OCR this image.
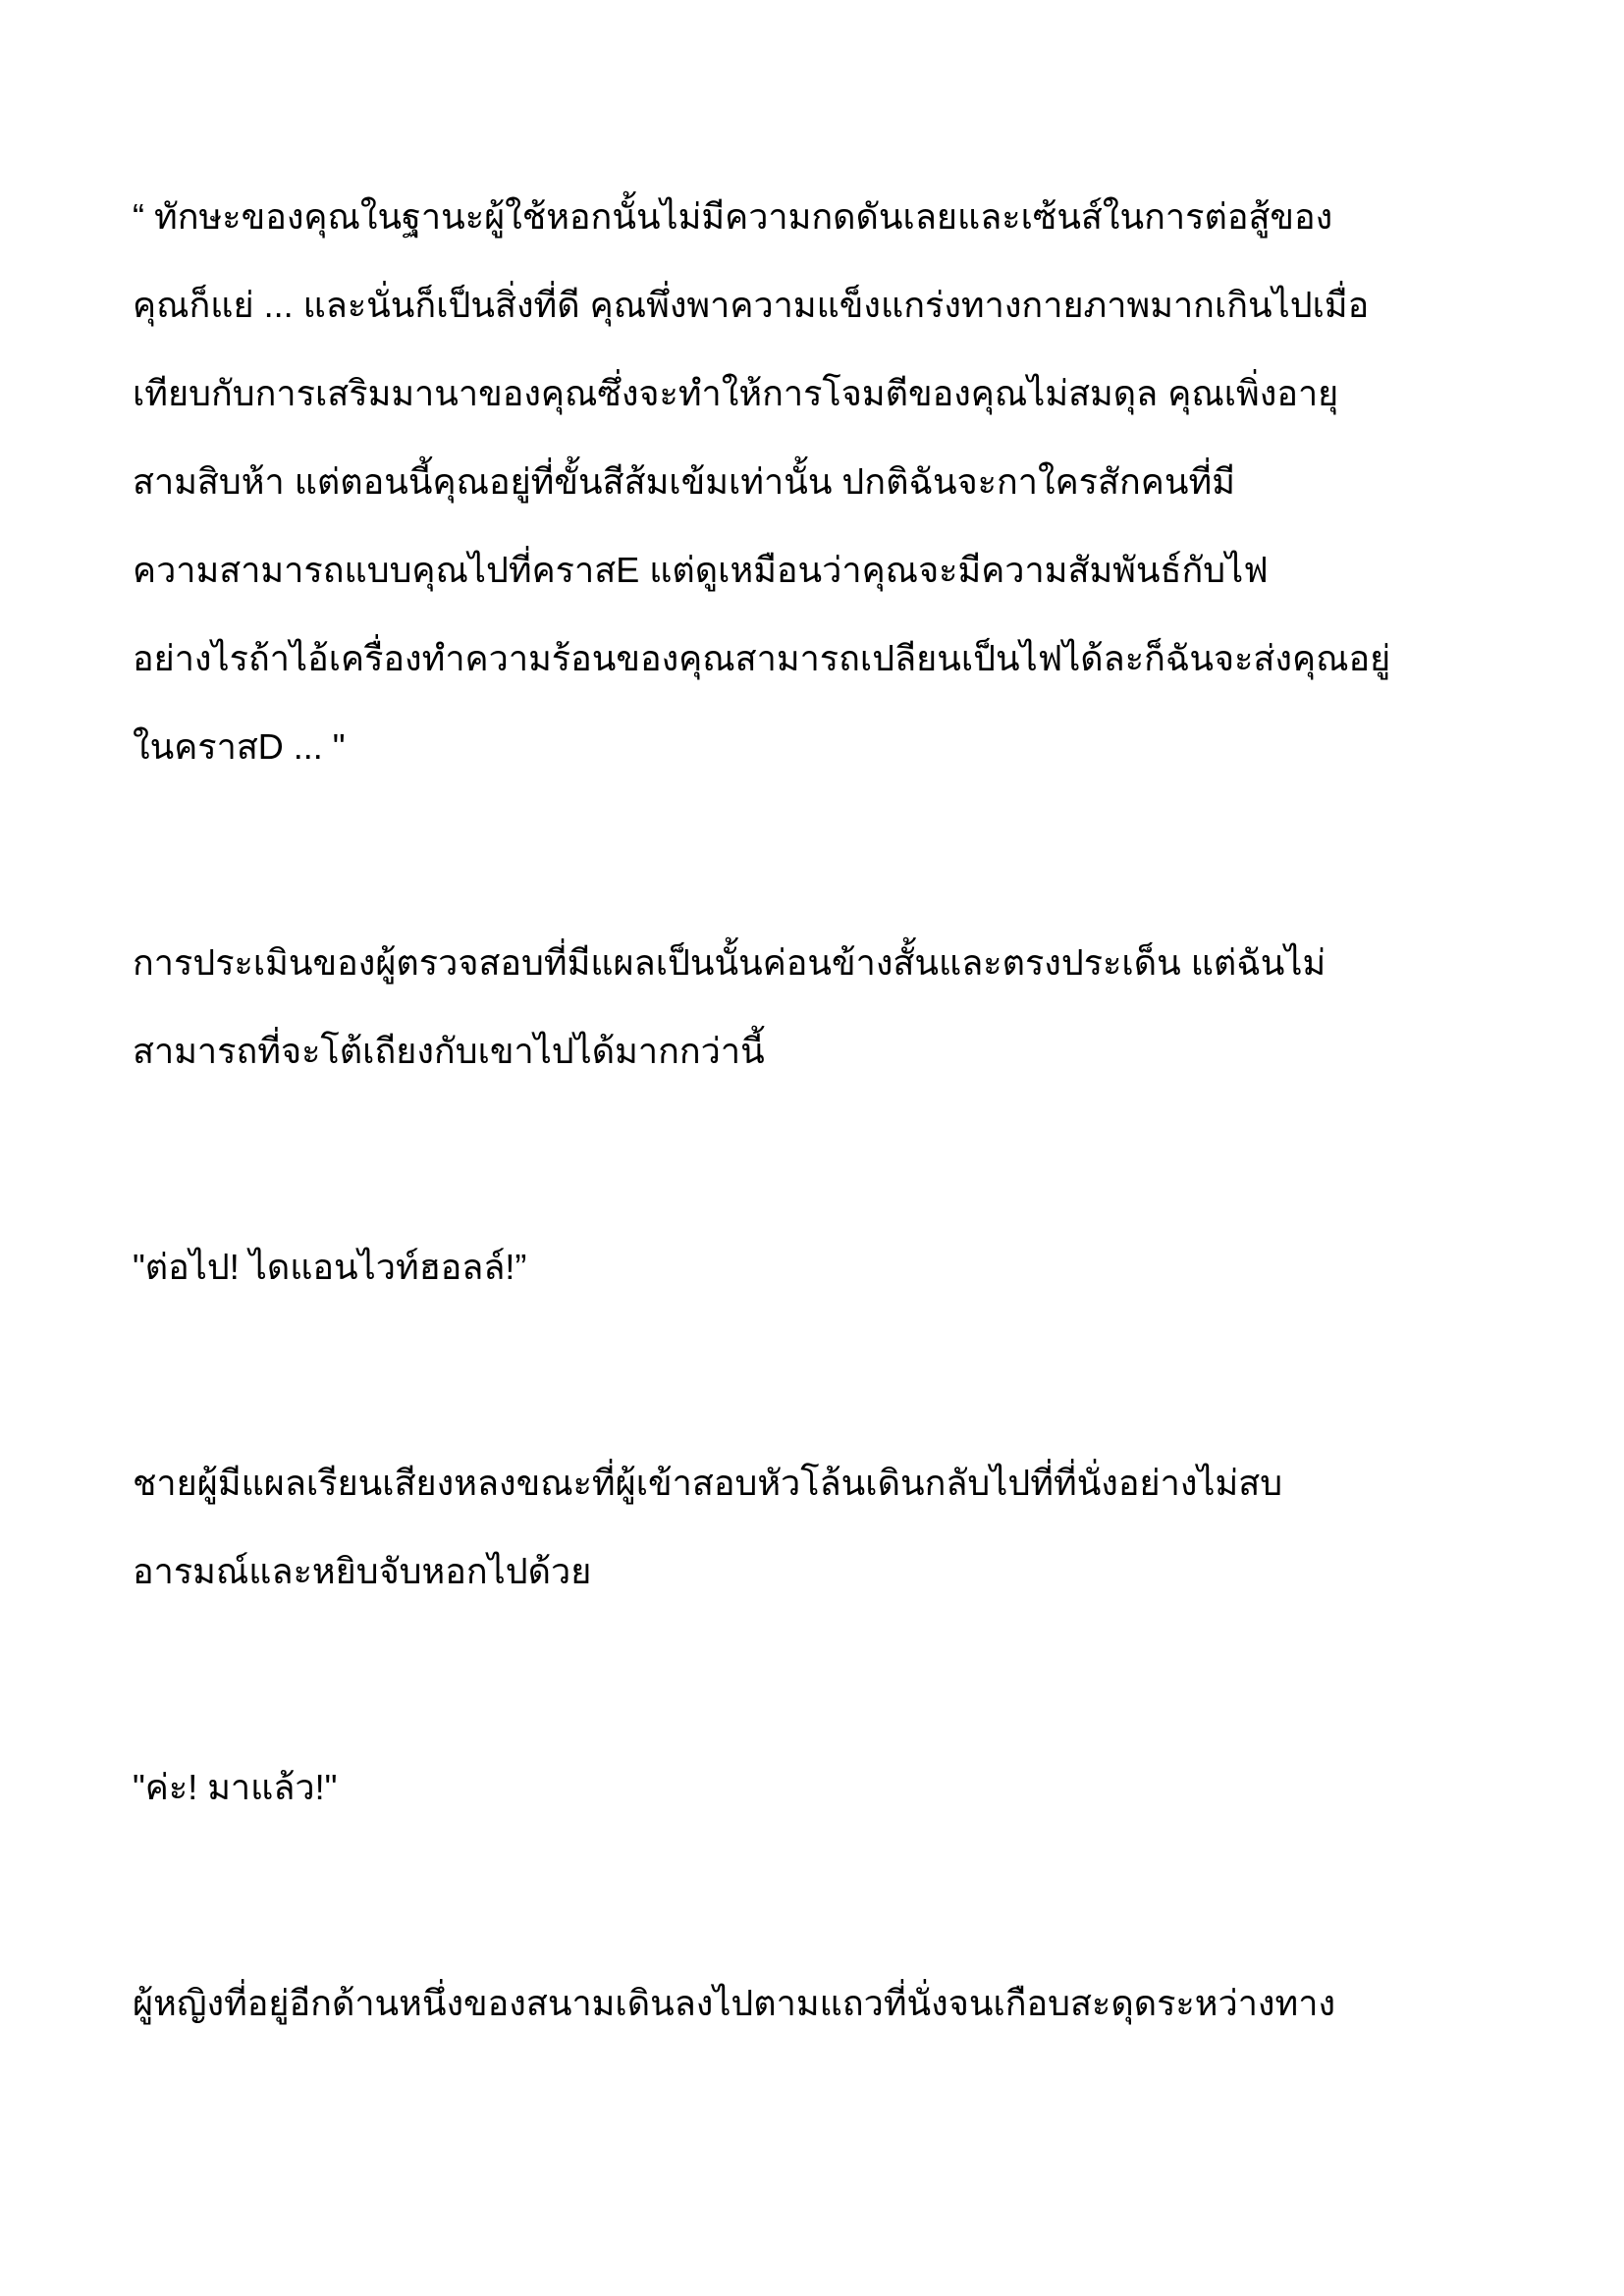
“ ทักษะของคุณในฐานะผู้ใช้หอกนั้นไม่มีความกดดันเลยและเซ้นส์ในการต่อสู้ของ
คุณก็แย่ ... และนั่นก็เป็นสิ่งที่ดี คุณพึ่งพาความแข็งแกร่งทางกายภาพมากเกินไปเมื่อ
เทียบกับการเสริมมานาของคุณซึ่งจะทำให้การโจมตีของคุณไม่สมดุล คุณเพิ่งอายุ
สามสิบห้า แต่ตอนนี้คุณอยู่ที่ขั้นสีส้มเข้มเท่านั้น ปกติฉันจะกาใครสักคนที่มี
ความสามารถแบบคุณไปที่คราสE แต่ดูเหมือนว่าคุณจะมีความสัมพันธ์กับไฟ
อย่างไรถ้าไอ้เครื่องทำความร้อนของคุณสามารถเปลียนเป็นไฟได้ละก็ฉันจะส่งคุณอยู่
ในคราสD ... "

การประเมินของผู้ตรวจสอบที่มีแผลเป็นนั้นค่อนข้างสั้นและตรงประเด็น แต่ฉันไม่
สามารถที่จะโต้เถียงกับเขาไปได้มากกว่านี้

"ต่อไป! ไดแอนไวท์ฮอลล์!”

ชายผู้มีแผลเรียนเสียงหลงขณะที่ผู้เข้าสอบหัวโล้นเดินกลับไปที่ที่นั่งอย่างไม่สบ
อารมณ์และหยิบจับหอกไปด้วย

"ค่ะ! มาแล้ว!"

ผู้หญิงที่อยู่อีกด้านหนึ่งของสนามเดินลงไปตามแถวที่นั่งจนเกือบสะดุดระหว่างทาง
